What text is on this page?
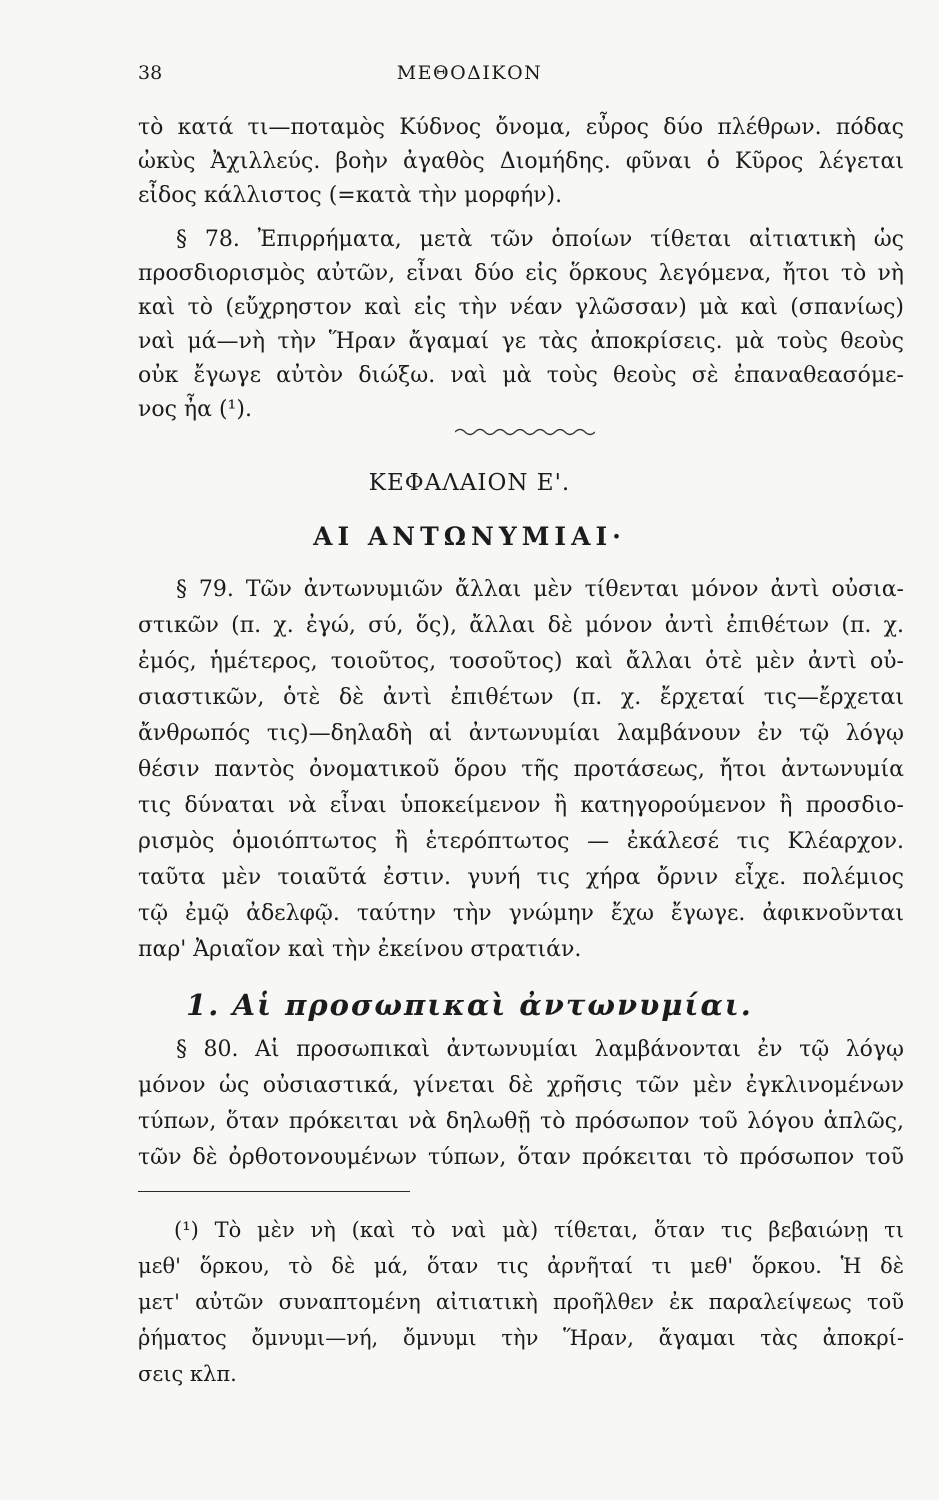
38	ΜΕΘΟΔΙΚΟΝ
τὸ κατά τι—ποταμὸς Κύδνος ὄνομα, εὖρος δύο πλέθρων. πόδας
ὠκὺς Ἀχιλλεύς. βοὴν ἀγαθὸς Διομήδης. φῦναι ὁ Κῦρος λέγεται
εἶδος κάλλιστος (=κατὰ τὴν μορφήν).
§ 78. Ἐπιρρήματα, μετὰ τῶν ὁποίων τίθεται αἰτιατικὴ ὡς
προσδιορισμὸς αὐτῶν, εἶναι δύο εἰς ὅρκους λεγόμενα, ἤτοι τὸ νὴ
καὶ τὸ (εὔχρηστον καὶ εἰς τὴν νέαν γλῶσσαν) μὰ καὶ (σπανίως)
ναὶ μά—νὴ τὴν Ἥραν ἄγαμαί γε τὰς ἀποκρίσεις. μὰ τοὺς θεοὺς
οὐκ ἔγωγε αὐτὸν διώξω. ναὶ μὰ τοὺς θεοὺς σὲ ἐπαναθεασόμε-
νος ἦα (¹).
ΚΕΦΑΛΑΙΟΝ Ε'.
ΑΙ ΑΝΤΩΝΥΜΙΑΙ·
§ 79. Τῶν ἀντωνυμιῶν ἄλλαι μὲν τίθενται μόνον ἀντὶ οὐσια-
στικῶν (π. χ. ἐγώ, σύ, ὅς), ἄλλαι δὲ μόνον ἀντὶ ἐπιθέτων (π. χ.
ἐμός, ἡμέτερος, τοιοῦτος, τοσοῦτος) καὶ ἄλλαι ὁτὲ μὲν ἀντὶ οὐ-
σιαστικῶν, ὁτὲ δὲ ἀντὶ ἐπιθέτων (π. χ. ἔρχεταί τις—ἔρχεται
ἄνθρωπός τις)—δηλαδὴ αἱ ἀντωνυμίαι λαμβάνουν ἐν τῷ λόγῳ
θέσιν παντὸς ὀνοματικοῦ ὅρου τῆς προτάσεως, ἤτοι ἀντωνυμία
τις δύναται νὰ εἶναι ὑποκείμενον ἢ κατηγορούμενον ἢ προσδιο-
ρισμὸς ὁμοιόπτωτος ἢ ἑτερόπτωτος — ἐκάλεσέ τις Κλέαρχον.
ταῦτα μὲν τοιαῦτά ἐστιν. γυνή τις χήρα ὄρνιν εἶχε. πολέμιος
τῷ ἐμῷ ἀδελφῷ. ταύτην τὴν γνώμην ἔχω ἔγωγε. ἀφικνοῦνται
παρ' Ἀριαῖον καὶ τὴν ἐκείνου στρατιάν.
1. Αἱ προσωπικαὶ ἀντωνυμίαι.
§ 80. Αἱ προσωπικαὶ ἀντωνυμίαι λαμβάνονται ἐν τῷ λόγῳ
μόνον ὡς οὐσιαστικά, γίνεται δὲ χρῆσις τῶν μὲν ἐγκλινομένων
τύπων, ὅταν πρόκειται νὰ δηλωθῇ τὸ πρόσωπον τοῦ λόγου ἁπλῶς,
τῶν δὲ ὀρθοτονουμένων τύπων, ὅταν πρόκειται τὸ πρόσωπον τοῦ
(¹) Τὸ μὲν νὴ (καὶ τὸ ναὶ μὰ) τίθεται, ὅταν τις βεβαιώνῃ τι
μεθ' ὅρκου, τὸ δὲ μά, ὅταν τις ἀρνῆταί τι μεθ' ὅρκου. Ἡ δὲ
μετ' αὐτῶν συναπτομένη αἰτιατικὴ προῆλθεν ἐκ παραλείψεως τοῦ
ῥήματος ὄμνυμι—νή, ὄμνυμι τὴν Ἥραν, ἄγαμαι τὰς ἀποκρί-
σεις κλπ.
